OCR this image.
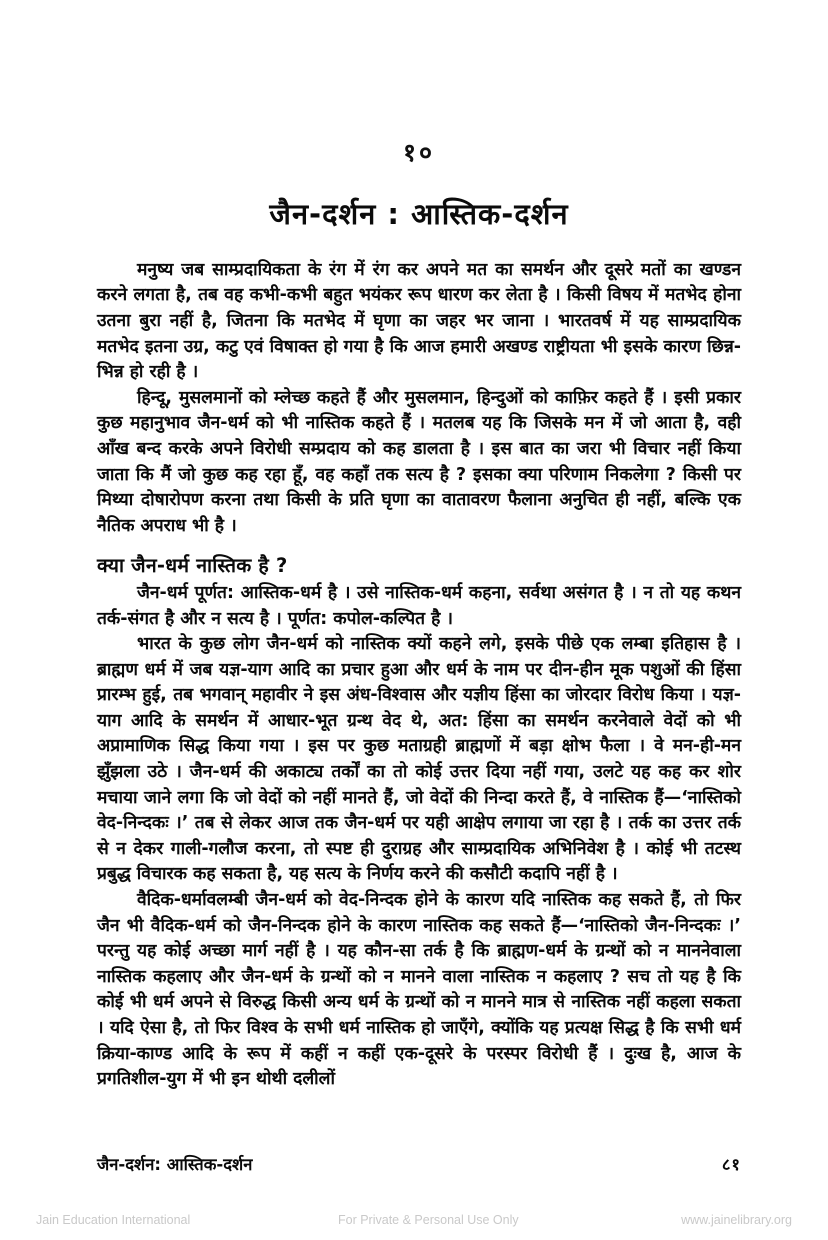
१०
जैन-दर्शन : आस्तिक-दर्शन

मनुष्य जब साम्प्रदायिकता के रंग में रंग कर अपने मत का समर्थन और दूसरे मतों का खण्डन करने लगता है, तब वह कभी-कभी बहुत भयंकर रूप धारण कर लेता है । किसी विषय में मतभेद होना उतना बुरा नहीं है, जितना कि मतभेद में घृणा का जहर भर जाना । भारतवर्ष में यह साम्प्रदायिक मतभेद इतना उग्र, कटु एवं विषाक्त हो गया है कि आज हमारी अखण्ड राष्ट्रीयता भी इसके कारण छिन्न-भिन्न हो रही है ।

हिन्दू, मुसलमानों को म्लेच्छ कहते हैं और मुसलमान, हिन्दुओं को काफ़िर कहते हैं । इसी प्रकार कुछ महानुभाव जैन-धर्म को भी नास्तिक कहते हैं । मतलब यह कि जिसके मन में जो आता है, वही आँख बन्द करके अपने विरोधी सम्प्रदाय को कह डालता है । इस बात का जरा भी विचार नहीं किया जाता कि मैं जो कुछ कह रहा हूँ, वह कहाँ तक सत्य है ? इसका क्या परिणाम निकलेगा ? किसी पर मिथ्या दोषारोपण करना तथा किसी के प्रति घृणा का वातावरण फैलाना अनुचित ही नहीं, बल्कि एक नैतिक अपराध भी है ।

क्या जैन-धर्म नास्तिक है ?

जैन-धर्म पूर्णत: आस्तिक-धर्म है । उसे नास्तिक-धर्म कहना, सर्वथा असंगत है । न तो यह कथन तर्क-संगत है और न सत्य है । पूर्णत: कपोल-कल्पित है ।

भारत के कुछ लोग जैन-धर्म को नास्तिक क्यों कहने लगे, इसके पीछे एक लम्बा इतिहास है । ब्राह्मण धर्म में जब यज्ञ-याग आदि का प्रचार हुआ और धर्म के नाम पर दीन-हीन मूक पशुओं की हिंसा प्रारम्भ हुई, तब भगवान् महावीर ने इस अंध-विश्वास और यज्ञीय हिंसा का जोरदार विरोध किया । यज्ञ-याग आदि के समर्थन में आधार-भूत ग्रन्थ वेद थे, अत: हिंसा का समर्थन करनेवाले वेदों को भी अप्रामाणिक सिद्ध किया गया । इस पर कुछ मताग्रही ब्राह्मणों में बड़ा क्षोभ फैला । वे मन-ही-मन झुँझला उठे । जैन-धर्म की अकाट्य तर्कों का तो कोई उत्तर दिया नहीं गया, उलटे यह कह कर शोर मचाया जाने लगा कि जो वेदों को नहीं मानते हैं, जो वेदों की निन्दा करते हैं, वे नास्तिक हैं—‘नास्तिको वेद-निन्दकः ।’ तब से लेकर आज तक जैन-धर्म पर यही आक्षेप लगाया जा रहा है । तर्क का उत्तर तर्क से न देकर गाली-गलौज करना, तो स्पष्ट ही दुराग्रह और साम्प्रदायिक अभिनिवेश है । कोई भी तटस्थ प्रबुद्ध विचारक कह सकता है, यह सत्य के निर्णय करने की कसौटी कदापि नहीं है ।

वैदिक-धर्मावलम्बी जैन-धर्म को वेद-निन्दक होने के कारण यदि नास्तिक कह सकते हैं, तो फिर जैन भी वैदिक-धर्म को जैन-निन्दक होने के कारण नास्तिक कह सकते हैं—‘नास्तिको जैन-निन्दकः ।’ परन्तु यह कोई अच्छा मार्ग नहीं है । यह कौन-सा तर्क है कि ब्राह्मण-धर्म के ग्रन्थों को न माननेवाला नास्तिक कहलाए और जैन-धर्म के ग्रन्थों को न मानने वाला नास्तिक न कहलाए ? सच तो यह है कि कोई भी धर्म अपने से विरुद्ध किसी अन्य धर्म के ग्रन्थों को न मानने मात्र से नास्तिक नहीं कहला सकता । यदि ऐसा है, तो फिर विश्व के सभी धर्म नास्तिक हो जाएँगे, क्योंकि यह प्रत्यक्ष सिद्ध है कि सभी धर्म क्रिया-काण्ड आदि के रूप में कहीं न कहीं एक-दूसरे के परस्पर विरोधी हैं । दुःख है, आज के प्रगतिशील-युग में भी इन थोथी दलीलों

जैन-दर्शन: आस्तिक-दर्शन	८१
Jain Education International	For Private & Personal Use Only	www.jainelibrary.org
